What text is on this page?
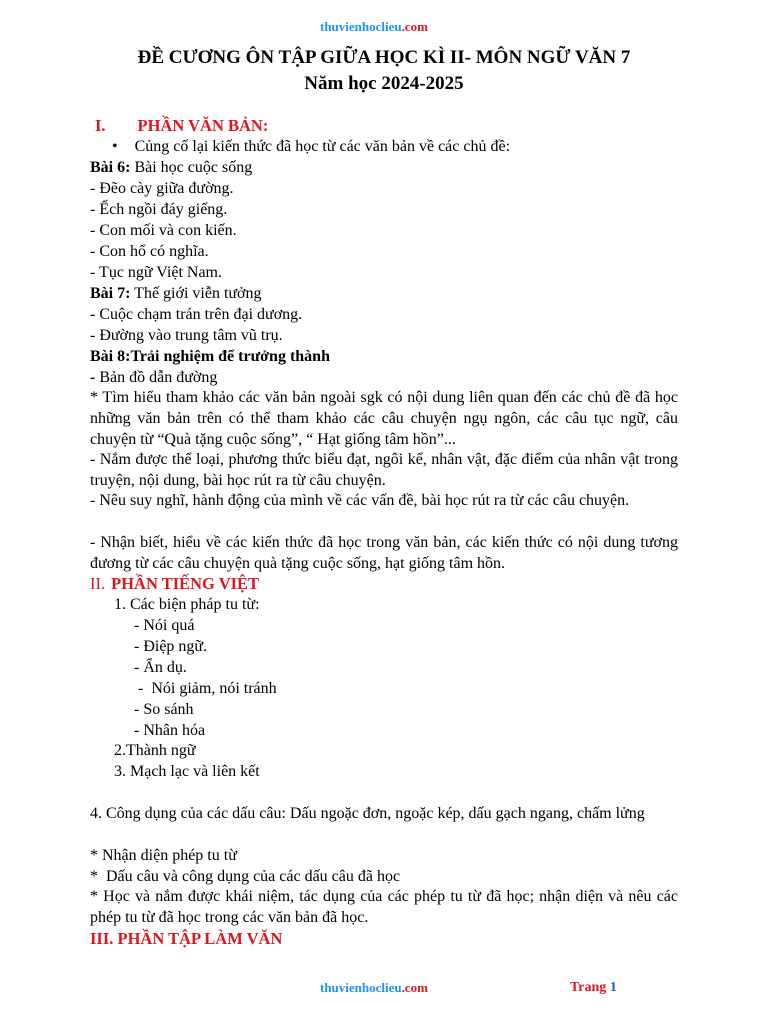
thuvienhoclieu.com
ĐỀ CƯƠNG ÔN TẬP GIỮA HỌC KÌ II- MÔN NGỮ VĂN 7
Năm học 2024-2025
I. PHẦN VĂN BẢN:
• Củng cố lại kiến thức đã học từ các văn bản về các chủ đề:
Bài 6: Bài học cuộc sống
- Đẽo cày giữa đường.
- Ếch ngồi đáy giếng.
- Con mối và con kiến.
- Con hổ có nghĩa.
- Tục ngữ Việt Nam.
Bài 7: Thế giới viễn tưởng
- Cuộc chạm trán trên đại dương.
- Đường vào trung tâm vũ trụ.
Bài 8:Trải nghiệm để trưởng thành
- Bản đồ dẫn đường
* Tìm hiểu tham khảo các văn bản ngoài sgk có nội dung liên quan đến các chủ đề đã học những văn bản trên có thể tham khảo các câu chuyện ngụ ngôn, các câu tục ngữ, câu chuyện từ “Quà tặng cuộc sống”, “ Hạt giống tâm hồn”...
- Nắm được thể loại, phương thức biểu đạt, ngôi kể, nhân vật, đặc điểm của nhân vật trong truyện, nội dung, bài học rút ra từ câu chuyện.
- Nêu suy nghĩ, hành động của mình về các vấn đề, bài học rút ra từ các câu chuyện.
- Nhận biết, hiểu về các kiến thức đã học trong văn bản, các kiến thức có nội dung tương đương từ các câu chuyện quà tặng cuộc sống, hạt giống tâm hồn.
II. PHẦN TIẾNG VIỆT
1. Các biện pháp tu từ:
- Nói quá
- Điệp ngữ.
- Ẩn dụ.
-  Nói giảm, nói tránh
- So sánh
- Nhân hóa
2.Thành ngữ
3. Mạch lạc và liên kết
4. Công dụng của các dấu câu: Dấu ngoặc đơn, ngoặc kép, dấu gạch ngang, chấm lửng
* Nhận diện phép tu từ
*  Dấu câu và công dụng của các dấu câu đã học
* Học và nắm được khái niệm, tác dụng của các phép tu từ đã học; nhận diện và nêu các phép tu từ đã học trong các văn bản đã học.
III. PHẦN TẬP LÀM VĂN
thuvienhoclieu.com	Trang 1
